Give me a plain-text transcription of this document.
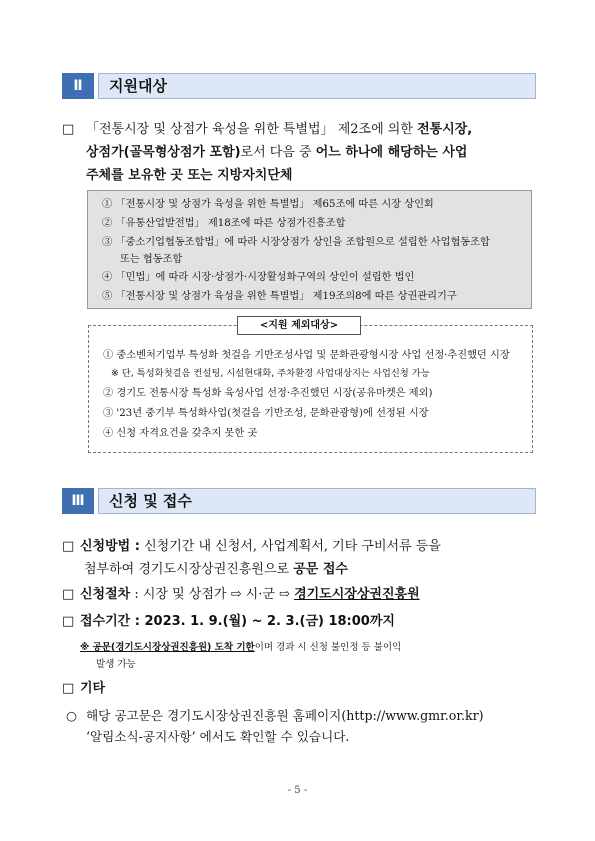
Ⅱ	지원대상
□ 「전통시장 및 상점가 육성을 위한 특별법」 제2조에 의한 전통시장,
상점가(골목형상점가 포함)로서 다음 중 어느 하나에 해당하는 사업
주체를 보유한 곳 또는 지방자치단체
① 「전통시장 및 상점가 육성을 위한 특별법」 제65조에 따른 시장 상인회
② 「유통산업발전법」 제18조에 따른 상점가진흥조합
③ 「중소기업협동조합법」에 따라 시장상점가 상인을 조합원으로 설립한 사업협동조합
또는 협동조합
④ 「민법」에 따라 시장·상점가·시장활성화구역의 상인이 설립한 법인
⑤ 「전통시장 및 상점가 육성을 위한 특별법」 제19조의8에 따른 상권관리기구
① 중소벤처기업부 특성화 첫걸음 기반조성사업 및 문화관광형시장 사업 선정·추진했던 시장
※ 단, 특성화첫걸음 컨설팅, 시설현대화, 주차환경 사업대상지는 사업신청 가능
② 경기도 전통시장 특성화 육성사업 선정·추진했던 시장(공유마켓은 제외)
③ '23년 중기부 특성화사업(첫걸음 기반조성, 문화관광형)에 선정된 시장
④ 신청 자격요건을 갖추지 못한 곳
<지원 제외대상>
Ⅲ	신청 및 접수
□ 신청방법 : 신청기간 내 신청서, 사업계획서, 기타 구비서류 등을
첨부하여 경기도시장상권진흥원으로 공문 접수
□ 신청절차 : 시장 및 상점가 ⇨ 시·군 ⇨ 경기도시장상권진흥원
□ 접수기간 : 2023. 1. 9.(월) ~ 2. 3.(금) 18:00까지
※ 공문(경기도시장상권진흥원) 도착 기한이며 경과 시 신청 불인정 등 불이익
발생 가능
□ 기타
○ 해당 공고문은 경기도시장상권진흥원 홈페이지(http://www.gmr.or.kr)
‘알림소식-공지사항’ 에서도 확인할 수 있습니다.
- 5 -
